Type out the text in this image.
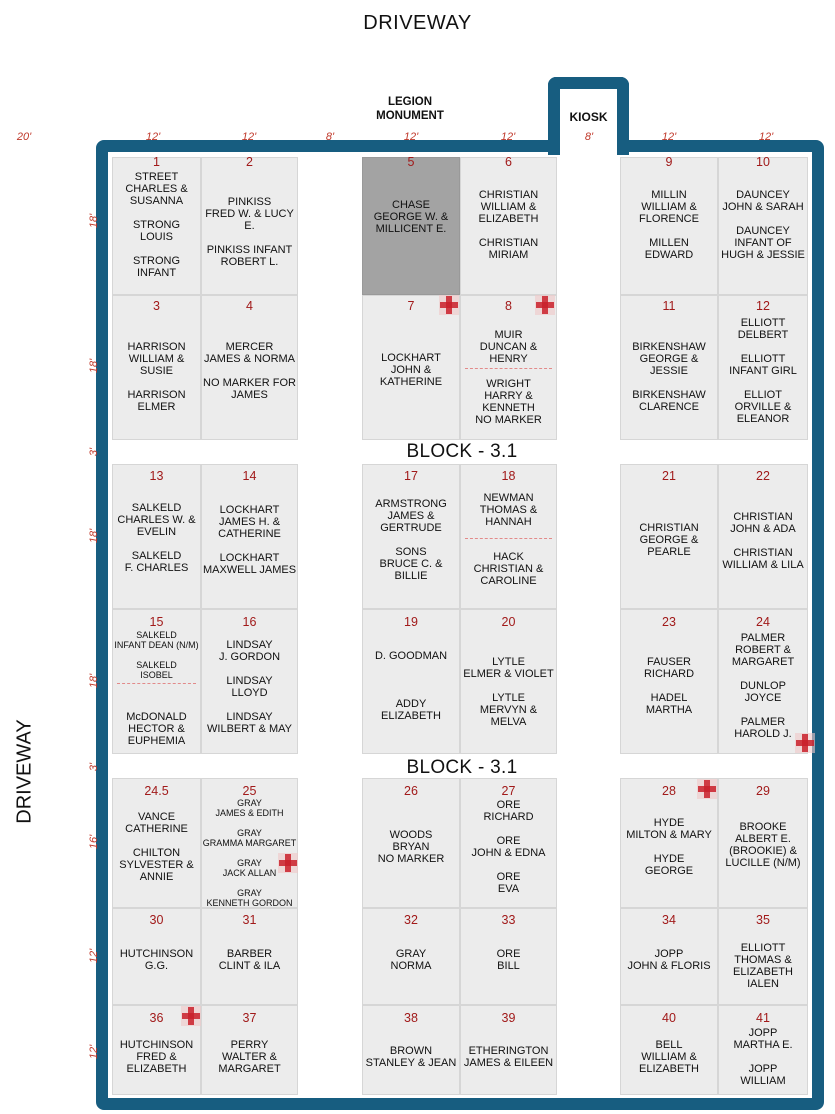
DRIVEWAY
DRIVEWAY
LEGION
MONUMENT	KIOSK
20'	12'	12'	8'	12'	12'	8'	12'	12'
18'
18'
3'
18'
18'
3'
16'
12'
12'
1
STREET
CHARLES &
SUSANNA

STRONG
LOUIS

STRONG
INFANT
2
PINKISS
FRED W. & LUCY E.

PINKISS INFANT
ROBERT L.
5
CHASE
GEORGE W. &
MILLICENT E.
6
CHRISTIAN
WILLIAM &
ELIZABETH

CHRISTIAN
MIRIAM
9
MILLIN
WILLIAM &
FLORENCE

MILLEN
EDWARD
10
DAUNCEY
JOHN & SARAH

DAUNCEY
INFANT OF
HUGH & JESSIE
3
HARRISON
WILLIAM & SUSIE

HARRISON
ELMER
4
MERCER
JAMES & NORMA

NO MARKER FOR
JAMES
7
LOCKHART
JOHN &
KATHERINE
8
MUIR
DUNCAN & HENRY
WRIGHT
HARRY &
KENNETH
NO MARKER
11
BIRKENSHAW
GEORGE & JESSIE

BIRKENSHAW
CLARENCE
12
ELLIOTT
DELBERT

ELLIOTT
INFANT GIRL

ELLIOT
ORVILLE &
ELEANOR
13
SALKELD
CHARLES W. &
EVELIN

SALKELD
F. CHARLES
14
LOCKHART
JAMES H. &
CATHERINE

LOCKHART
MAXWELL JAMES
17
ARMSTRONG
JAMES &
GERTRUDE

SONS
BRUCE C. &
BILLIE
18
NEWMAN
THOMAS &
HANNAH
HACK
CHRISTIAN &
CAROLINE
21
CHRISTIAN
GEORGE &
PEARLE
22
CHRISTIAN
JOHN & ADA

CHRISTIAN
WILLIAM & LILA
15
SALKELD
INFANT DEAN (N/M)

SALKELD
ISOBEL
McDONALD
HECTOR &
EUPHEMIA
16
LINDSAY
J. GORDON

LINDSAY
LLOYD

LINDSAY
WILBERT & MAY
19
D. GOODMAN

ADDY
ELIZABETH
20
LYTLE
ELMER & VIOLET

LYTLE
MERVYN & MELVA
23
FAUSER
RICHARD

HADEL
MARTHA
24
PALMER
ROBERT &
MARGARET

DUNLOP
JOYCE

PALMER
HAROLD J.
24.5
VANCE
CATHERINE

CHILTON
SYLVESTER &
ANNIE
25
GRAY
JAMES & EDITH

GRAY
GRAMMA MARGARET

GRAY
JACK ALLAN

GRAY
KENNETH GORDON
26
WOODS
BRYAN
NO MARKER
27
ORE
RICHARD

ORE
JOHN & EDNA

ORE
EVA
28
HYDE
MILTON & MARY

HYDE
GEORGE
29
BROOKE
ALBERT E.
(BROOKIE) &
LUCILLE (N/M)
30
HUTCHINSON
G.G.
31
BARBER
CLINT & ILA
32
GRAY
NORMA
33
ORE
BILL
34
JOPP
JOHN & FLORIS
35
ELLIOTT
THOMAS &
ELIZABETH IALEN
36
HUTCHINSON
FRED &
ELIZABETH
37
PERRY
WALTER &
MARGARET
38
BROWN
STANLEY & JEAN
39
ETHERINGTON
JAMES & EILEEN
40
BELL
WILLIAM &
ELIZABETH
41
JOPP
MARTHA E.

JOPP
WILLIAM
BLOCK - 3.1
BLOCK - 3.1
